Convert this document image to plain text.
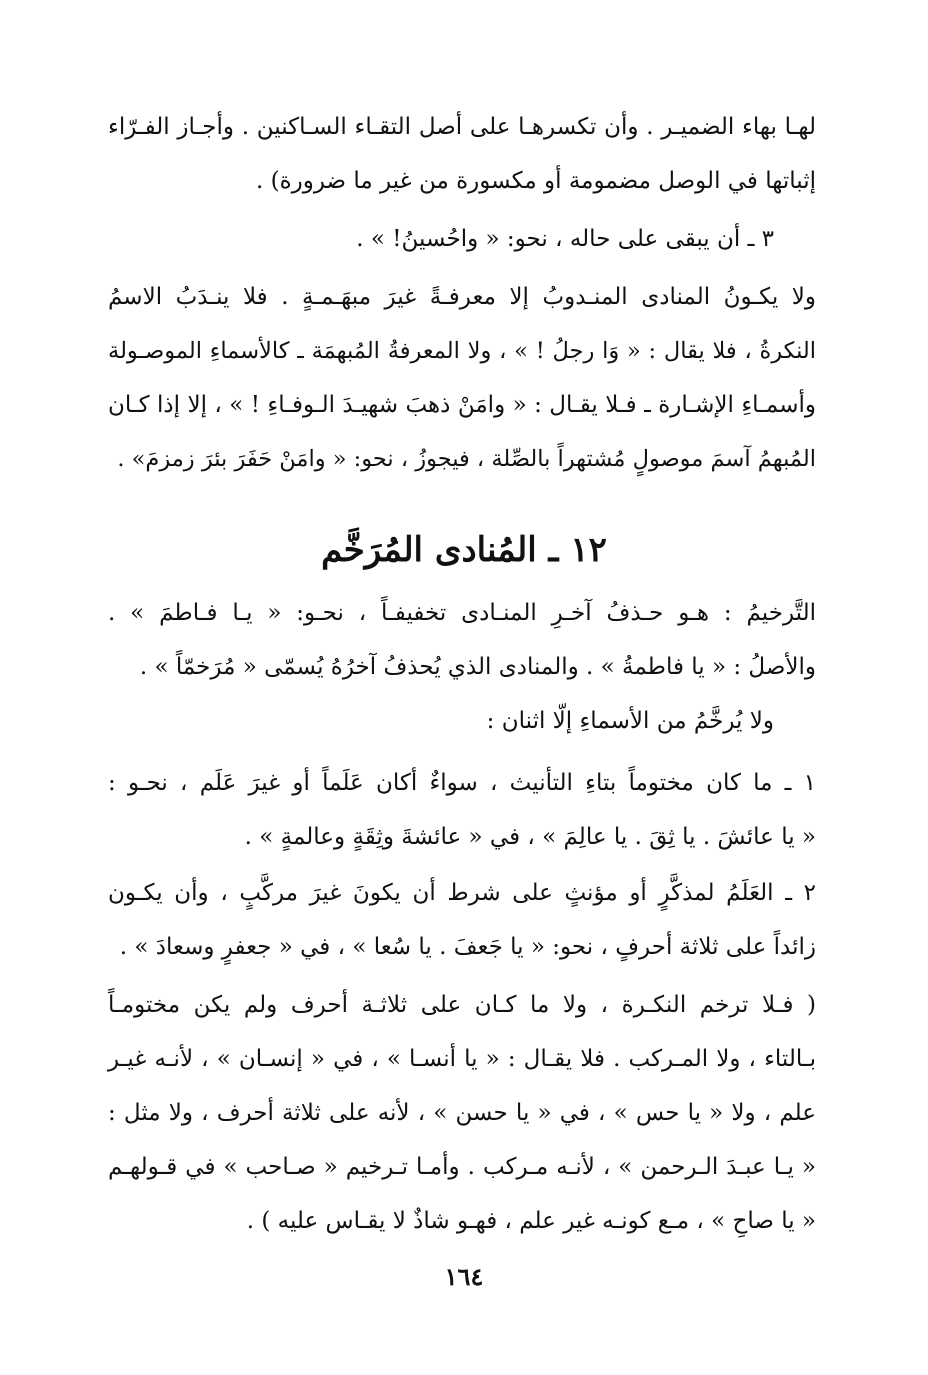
لهـا بهاء الضميـر . وأن تكسرهـا على أصل التقـاء السـاكنين . وأجـاز الفـرّاء
إثباتها في الوصل مضمومة أو مكسورة من غير ما ضرورة) .
٣ ـ أن يبقى على حاله ، نحو: « واحُسينُ! » .
ولا يكـونُ المنادى المنـدوبُ إلا معرفـةً غيرَ مبهَـمـةٍ . فلا ينـدَبُ الاسمُ
النكرةُ ، فلا يقال : « وَا رجلُ ! » ، ولا المعرفةُ المُبهمَة ـ كالأسماءِ الموصـولة
وأسمـاءِ الإشـارة ـ فـلا يقـال : « وامَنْ ذهبَ شهيـدَ الـوفـاءِ ! » ، إلا إذا كـان
المُبهمُ آسمَ موصولٍ مُشتهراً بالصِّلة ، فيجوزُ ، نحو: « وامَنْ حَفَرَ بئرَ زمزمَ» .
١٢ ـ المُنادى المُرَخَّم
التَّرخيمُ : هـو حـذفُ آخـرِ المنـادى تخفيفـاً ، نحـو: « يـا فـاطمَ » .
والأصلُ : « يا فاطمةُ » . والمنادى الذي يُحذفُ آخرُهُ يُسمّى « مُرَخمّاً » .
ولا يُرخَّمُ من الأسماءِ إلّا اثنان :
١ ـ ما كان مختوماً بتاءِ التأنيث ، سواءٌ أكان عَلَماً أو غيرَ عَلَم ، نحـو :
« يا عائشَ . يا ثِقَ . يا عالِمَ » ، في « عائشةَ وثِقَةٍ وعالمةٍ » .
٢ ـ العَلَمُ لمذكَّرٍ أو مؤنثٍ على شرط أن يكونَ غيرَ مركَّبٍ ، وأن يكـون
زائداً على ثلاثة أحرفٍ ، نحو: « يا جَعفَ . يا سُعا » ، في « جعفرٍ وسعادَ » .
( فـلا ترخم النكـرة ، ولا ما كـان على ثلاثـة أحرف ولم يكن مختومـاً
بـالتاء ، ولا المـركب . فلا يقـال : « يا أنسـا » ، في « إنسـان » ، لأنـه غيـر
علم ، ولا « يا حس » ، في « يا حسن » ، لأنه على ثلاثة أحرف ، ولا مثل :
« يـا عبـدَ الـرحمن » ، لأنـه مـركب . وأمـا تـرخيم « صـاحب » في قـولهـم
« يا صاحِ » ، مـع كونـه غير علم ، فهـو شاذٌ لا يقـاس عليه ) .
١٦٤
